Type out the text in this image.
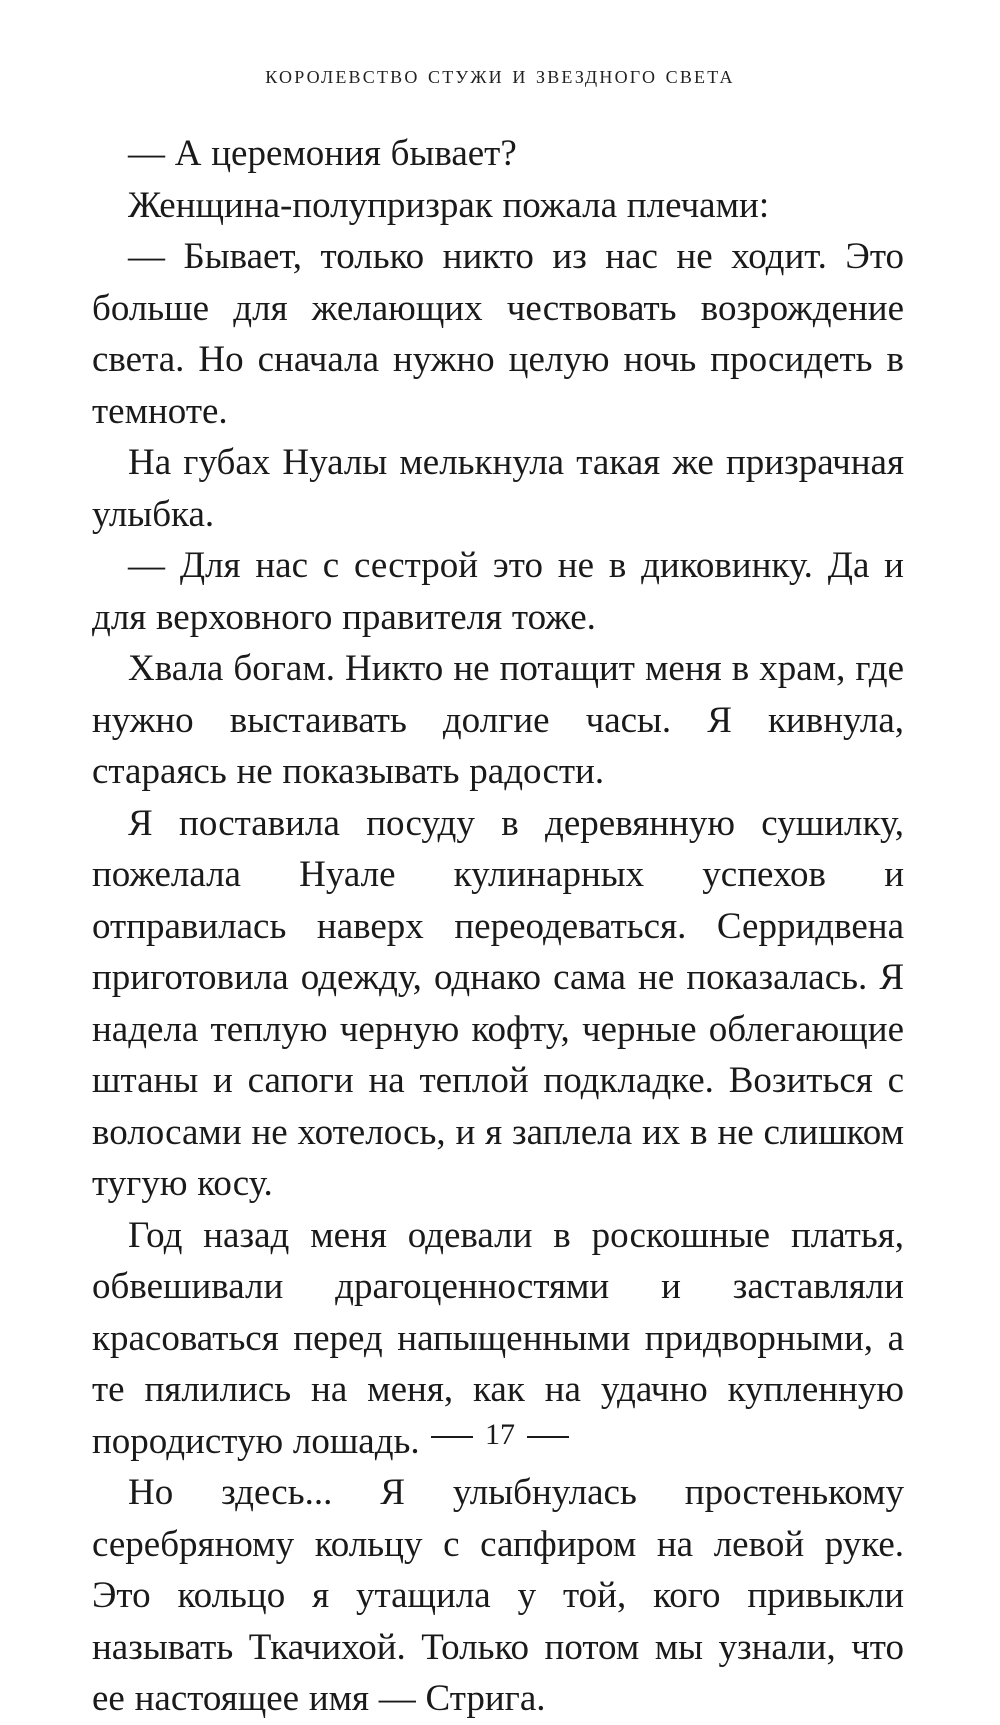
королевство стужи и звездного света

— А церемония бывает?

Женщина-полупризрак пожала плечами:

— Бывает, только никто из нас не ходит. Это больше для желающих чествовать возрождение света. Но сначала нужно целую ночь просидеть в темноте.

На губах Нуалы мелькнула такая же призрачная улыбка.

— Для нас с сестрой это не в диковинку. Да и для верховного правителя тоже.

Хвала богам. Никто не потащит меня в храм, где нужно выстаивать долгие часы. Я кивнула, стараясь не показывать радости.

Я поставила посуду в деревянную сушилку, пожелала Нуале кулинарных успехов и отправилась наверх переодеваться. Серридвена приготовила одежду, однако сама не показалась. Я надела теплую черную кофту, черные облегающие штаны и сапоги на теплой подкладке. Возиться с волосами не хотелось, и я заплела их в не слишком тугую косу.

Год назад меня одевали в роскошные платья, обвешивали драгоценностями и заставляли красоваться перед напыщенными придворными, а те пялились на меня, как на удачно купленную породистую лошадь.

Но здесь... Я улыбнулась простенькому серебряному кольцу с сапфиром на левой руке. Это кольцо я утащила у той, кого привыкли называть Ткачихой. Только потом мы узнали, что ее настоящее имя — Стрига.

17
